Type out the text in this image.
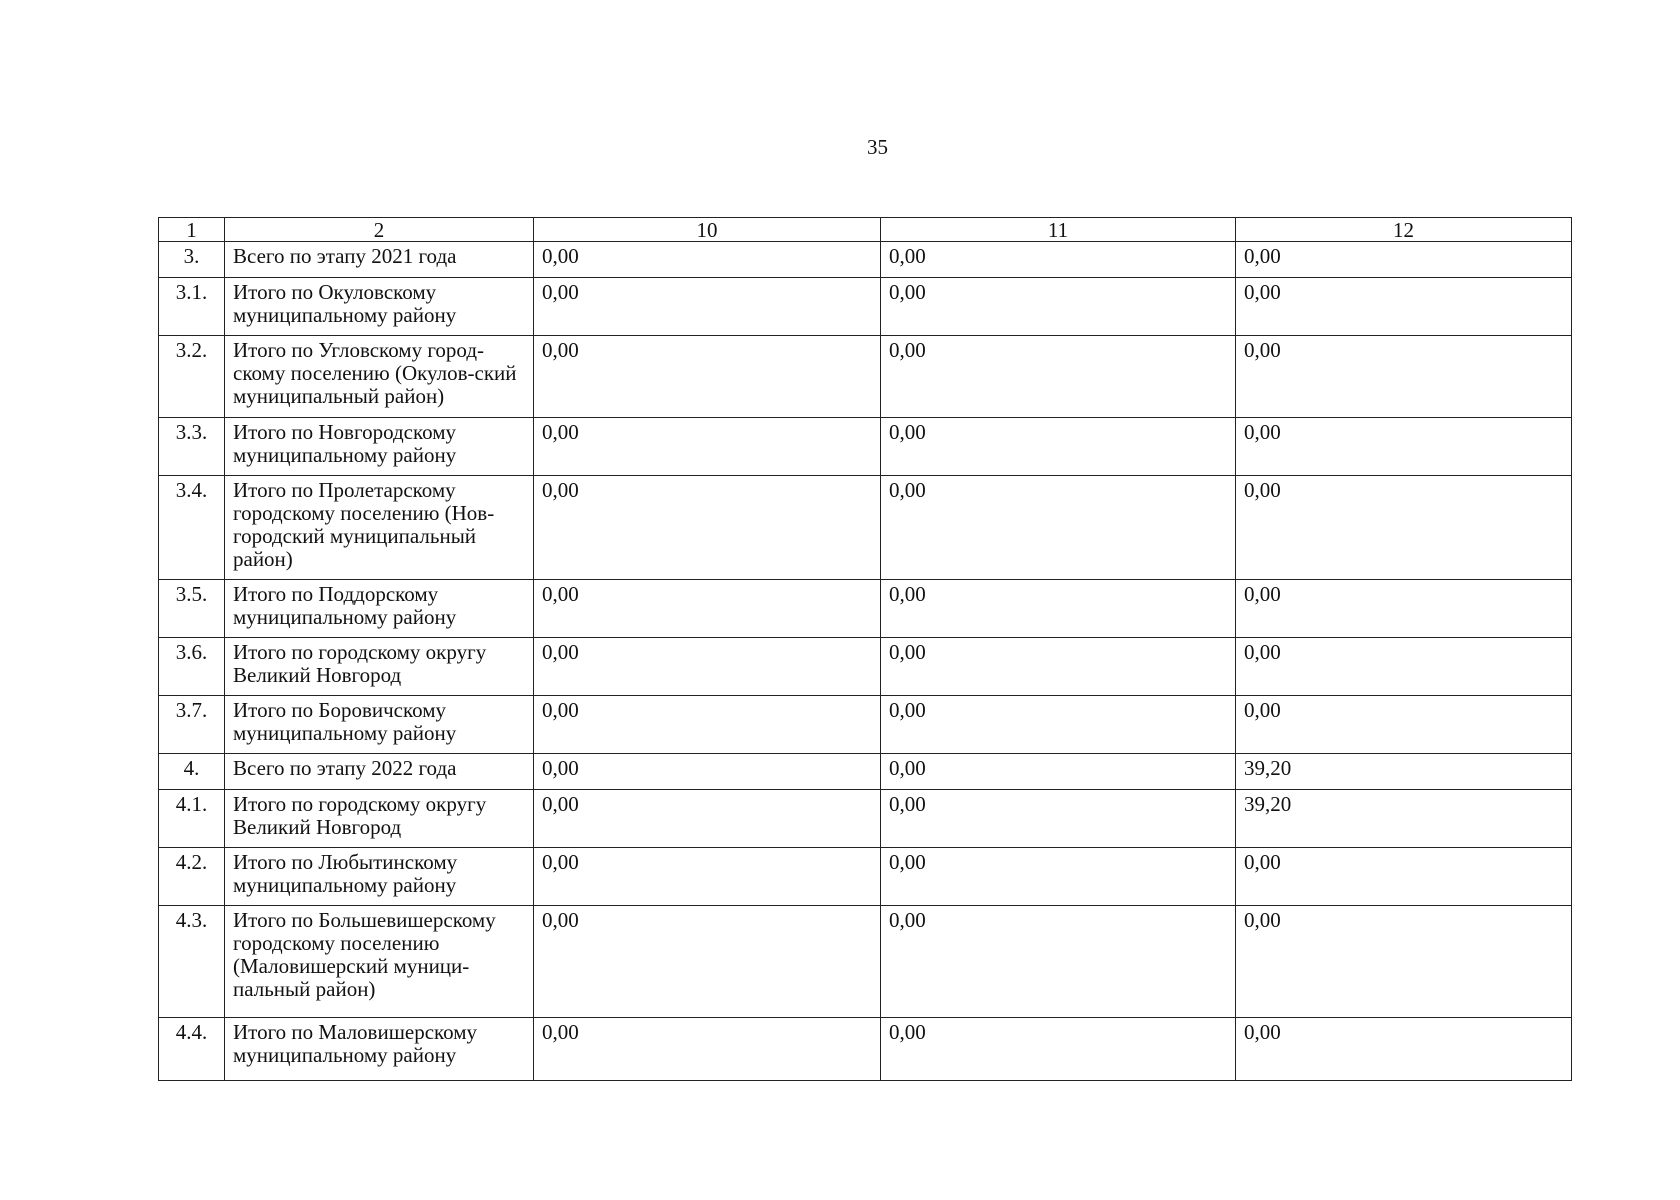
35
1	2	10	11	12
3.	Всего по этапу 2021 года	0,00	0,00	0,00
3.1.	Итого по Окуловскому муниципальному району	0,00	0,00	0,00
3.2.	Итого по Угловскому город-скому поселению (Окулов-ский муниципальный район)	0,00	0,00	0,00
3.3.	Итого по Новгородскому муниципальному району	0,00	0,00	0,00
3.4.	Итого по Пролетарскому городскому поселению (Нов-городский муниципальный район)	0,00	0,00	0,00
3.5.	Итого по Поддорскому муниципальному району	0,00	0,00	0,00
3.6.	Итого по городскому округу Великий Новгород	0,00	0,00	0,00
3.7.	Итого по Боровичскому муниципальному району	0,00	0,00	0,00
4.	Всего по этапу 2022 года	0,00	0,00	39,20
4.1.	Итого по городскому округу Великий Новгород	0,00	0,00	39,20
4.2.	Итого по Любытинскому муниципальному району	0,00	0,00	0,00
4.3.	Итого по Большевишерскому городскому поселению (Маловишерский муници-пальный район)	0,00	0,00	0,00
4.4.	Итого по Маловишерскому муниципальному району	0,00	0,00	0,00
